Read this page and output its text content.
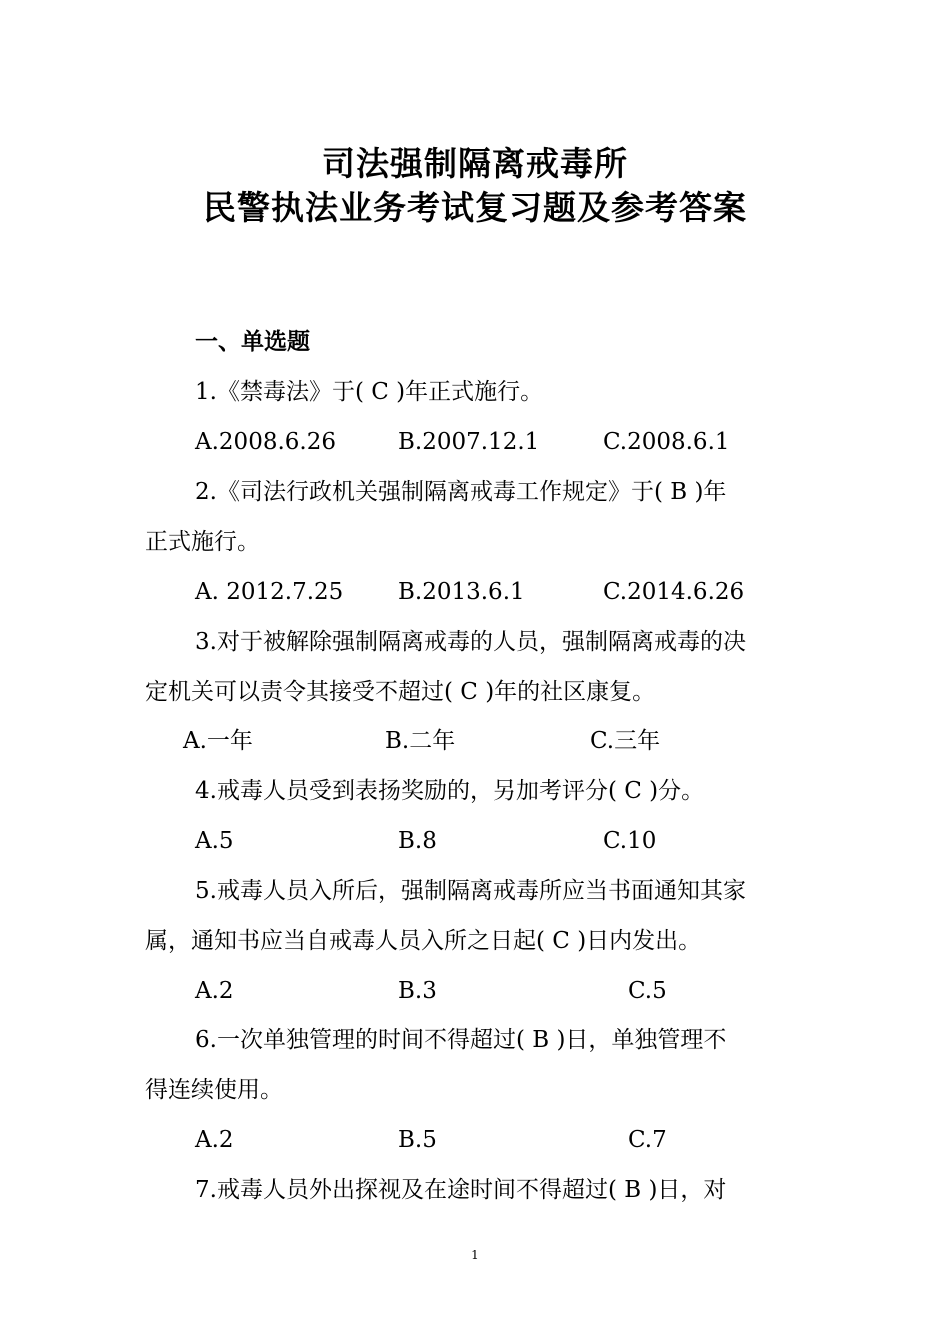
司法强制隔离戒毒所
民警执法业务考试复习题及参考答案
一、单选题
1.《禁毒法》于( C )年正式施行。
A.2008.6.26	B.2007.12.1	C.2008.6.1
2.《司法行政机关强制隔离戒毒工作规定》于( B )年
正式施行。
A. 2012.7.25 B.2013.6.1	C.2014.6.26
3.对于被解除强制隔离戒毒的人员，强制隔离戒毒的决
定机关可以责令其接受不超过( C )年的社区康复。
A.一年	B.二年	C.三年
4.戒毒人员受到表扬奖励的，另加考评分( C )分。
A.5	B.8	C.10
5.戒毒人员入所后，强制隔离戒毒所应当书面通知其家
属，通知书应当自戒毒人员入所之日起( C )日内发出。
A.2	B.3	C.5
6.一次单独管理的时间不得超过( B )日，单独管理不
得连续使用。
A.2	B.5	C.7
7.戒毒人员外出探视及在途时间不得超过( B )日，对
1
